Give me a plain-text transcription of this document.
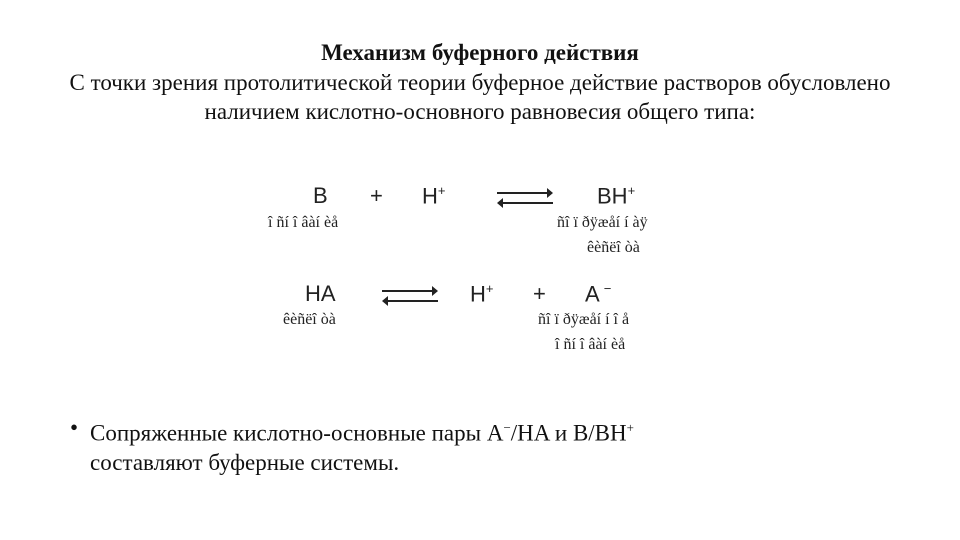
Механизм буферного действия
С точки зрения протолитической теории буферное действие растворов обусловлено наличием кислотно-основного равновесия общего типа:
B + H+	BH+
î ñí î âàí èå	ñî ï ðÿæåí í àÿ
êèñëî òà
HA	H+ + A −
êèñëî òà	ñî ï ðÿæåí í î å
î ñí î âàí èå
• Сопряженные кислотно-основные пары A−/HA и B/BH+
составляют буферные системы.
